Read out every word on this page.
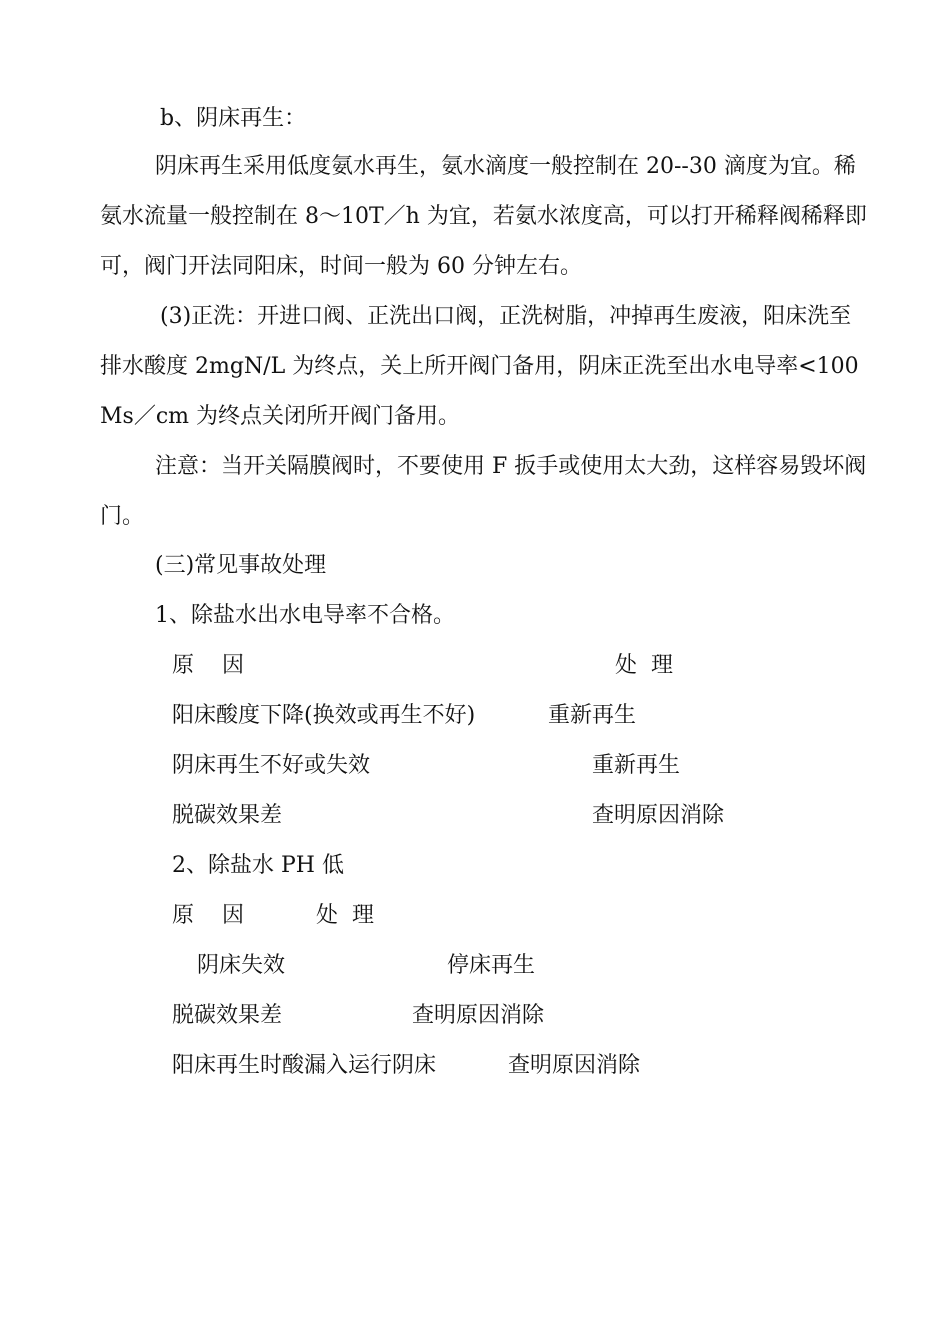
b、阴床再生：
阴床再生采用低度氨水再生，氨水滴度一般控制在 20--30 滴度为宜。稀氨水流量一般控制在 8～10T／h 为宜，若氨水浓度高，可以打开稀释阀稀释即可，阀门开法同阳床，时间一般为 60 分钟左右。
(3)正洗：开进口阀、正洗出口阀，正洗树脂，冲掉再生废液，阳床洗至排水酸度 2mgN/L 为终点，关上所开阀门备用，阴床正洗至出水电导率<100Ms／cm 为终点关闭所开阀门备用。
注意：当开关隔膜阀时，不要使用 F 扳手或使用太大劲，这样容易毁坏阀门。
(三)常见事故处理
1、除盐水出水电导率不合格。
原    因	处  理
阳床酸度下降(换效或再生不好)	重新再生
阴床再生不好或失效	重新再生
脱碳效果差	查明原因消除
2、除盐水 PH 低
原    因	处  理
阴床失效	停床再生
脱碳效果差	查明原因消除
阳床再生时酸漏入运行阴床	查明原因消除
